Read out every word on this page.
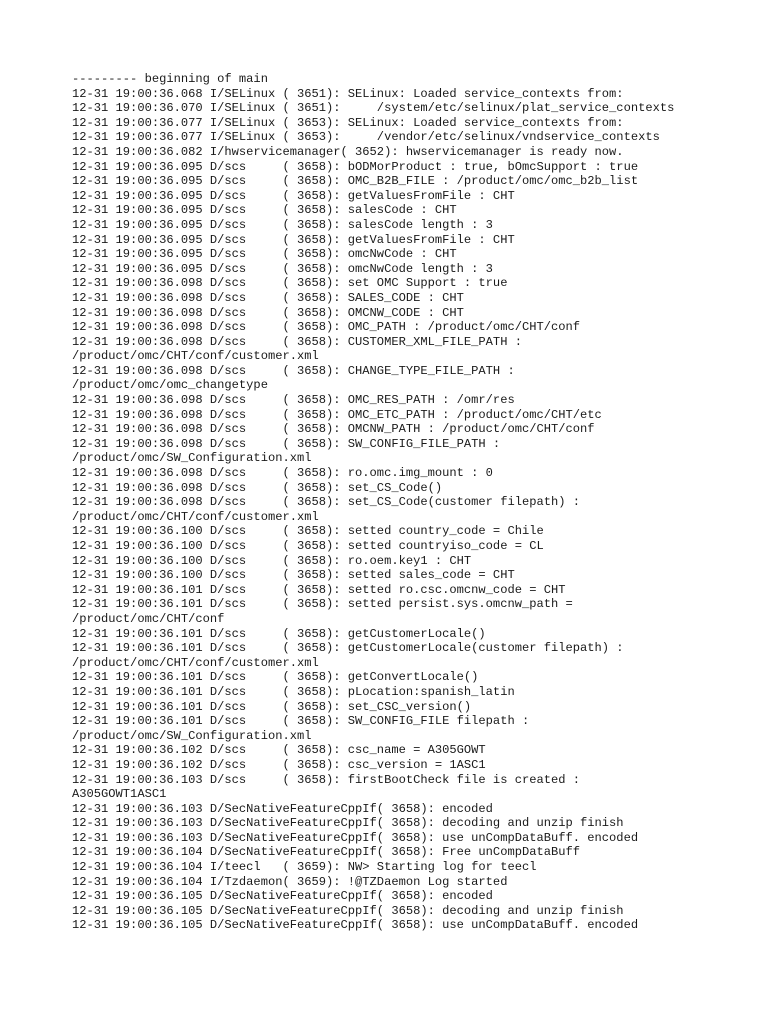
--------- beginning of main
12-31 19:00:36.068 I/SELinux ( 3651): SELinux: Loaded service_contexts from:
12-31 19:00:36.070 I/SELinux ( 3651):     /system/etc/selinux/plat_service_contexts
12-31 19:00:36.077 I/SELinux ( 3653): SELinux: Loaded service_contexts from:
12-31 19:00:36.077 I/SELinux ( 3653):     /vendor/etc/selinux/vndservice_contexts
12-31 19:00:36.082 I/hwservicemanager( 3652): hwservicemanager is ready now.
12-31 19:00:36.095 D/scs     ( 3658): bODMorProduct : true, bOmcSupport : true
12-31 19:00:36.095 D/scs     ( 3658): OMC_B2B_FILE : /product/omc/omc_b2b_list
12-31 19:00:36.095 D/scs     ( 3658): getValuesFromFile : CHT
12-31 19:00:36.095 D/scs     ( 3658): salesCode : CHT
12-31 19:00:36.095 D/scs     ( 3658): salesCode length : 3
12-31 19:00:36.095 D/scs     ( 3658): getValuesFromFile : CHT
12-31 19:00:36.095 D/scs     ( 3658): omcNwCode : CHT
12-31 19:00:36.095 D/scs     ( 3658): omcNwCode length : 3
12-31 19:00:36.098 D/scs     ( 3658): set OMC Support : true
12-31 19:00:36.098 D/scs     ( 3658): SALES_CODE : CHT
12-31 19:00:36.098 D/scs     ( 3658): OMCNW_CODE : CHT
12-31 19:00:36.098 D/scs     ( 3658): OMC_PATH : /product/omc/CHT/conf
12-31 19:00:36.098 D/scs     ( 3658): CUSTOMER_XML_FILE_PATH :
/product/omc/CHT/conf/customer.xml
12-31 19:00:36.098 D/scs     ( 3658): CHANGE_TYPE_FILE_PATH :
/product/omc/omc_changetype
12-31 19:00:36.098 D/scs     ( 3658): OMC_RES_PATH : /omr/res
12-31 19:00:36.098 D/scs     ( 3658): OMC_ETC_PATH : /product/omc/CHT/etc
12-31 19:00:36.098 D/scs     ( 3658): OMCNW_PATH : /product/omc/CHT/conf
12-31 19:00:36.098 D/scs     ( 3658): SW_CONFIG_FILE_PATH :
/product/omc/SW_Configuration.xml
12-31 19:00:36.098 D/scs     ( 3658): ro.omc.img_mount : 0
12-31 19:00:36.098 D/scs     ( 3658): set_CS_Code()
12-31 19:00:36.098 D/scs     ( 3658): set_CS_Code(customer filepath) :
/product/omc/CHT/conf/customer.xml
12-31 19:00:36.100 D/scs     ( 3658): setted country_code = Chile
12-31 19:00:36.100 D/scs     ( 3658): setted countryiso_code = CL
12-31 19:00:36.100 D/scs     ( 3658): ro.oem.key1 : CHT
12-31 19:00:36.100 D/scs     ( 3658): setted sales_code = CHT
12-31 19:00:36.101 D/scs     ( 3658): setted ro.csc.omcnw_code = CHT
12-31 19:00:36.101 D/scs     ( 3658): setted persist.sys.omcnw_path =
/product/omc/CHT/conf
12-31 19:00:36.101 D/scs     ( 3658): getCustomerLocale()
12-31 19:00:36.101 D/scs     ( 3658): getCustomerLocale(customer filepath) :
/product/omc/CHT/conf/customer.xml
12-31 19:00:36.101 D/scs     ( 3658): getConvertLocale()
12-31 19:00:36.101 D/scs     ( 3658): pLocation:spanish_latin
12-31 19:00:36.101 D/scs     ( 3658): set_CSC_version()
12-31 19:00:36.101 D/scs     ( 3658): SW_CONFIG_FILE filepath :
/product/omc/SW_Configuration.xml
12-31 19:00:36.102 D/scs     ( 3658): csc_name = A305GOWT
12-31 19:00:36.102 D/scs     ( 3658): csc_version = 1ASC1
12-31 19:00:36.103 D/scs     ( 3658): firstBootCheck file is created :
A305GOWT1ASC1
12-31 19:00:36.103 D/SecNativeFeatureCppIf( 3658): encoded
12-31 19:00:36.103 D/SecNativeFeatureCppIf( 3658): decoding and unzip finish
12-31 19:00:36.103 D/SecNativeFeatureCppIf( 3658): use unCompDataBuff. encoded
12-31 19:00:36.104 D/SecNativeFeatureCppIf( 3658): Free unCompDataBuff
12-31 19:00:36.104 I/teecl   ( 3659): NW> Starting log for teecl
12-31 19:00:36.104 I/Tzdaemon( 3659): !@TZDaemon Log started
12-31 19:00:36.105 D/SecNativeFeatureCppIf( 3658): encoded
12-31 19:00:36.105 D/SecNativeFeatureCppIf( 3658): decoding and unzip finish
12-31 19:00:36.105 D/SecNativeFeatureCppIf( 3658): use unCompDataBuff. encoded
